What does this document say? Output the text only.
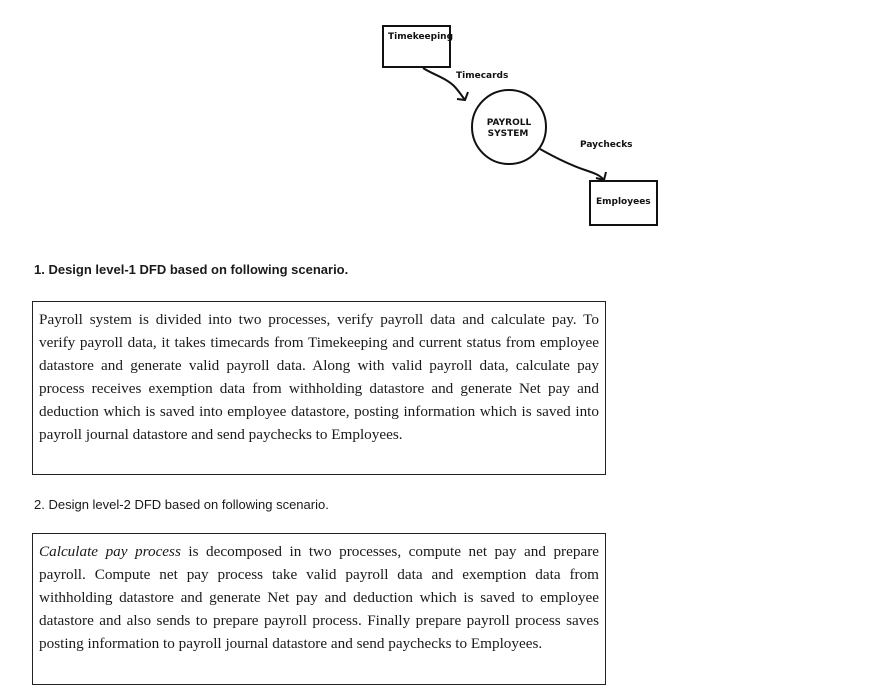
Timekeeping
Timecards
PAYROLL
SYSTEM
Paychecks
Employees
1. Design level-1 DFD based on following scenario.

Payroll system is divided into two processes, verify payroll data and calculate pay. To verify payroll data, it takes timecards from Timekeeping and current status from employee datastore and generate valid payroll data. Along with valid payroll data, calculate pay process receives exemption data from withholding datastore and generate Net pay and deduction which is saved into employee datastore, posting information which is saved into payroll journal datastore and send paychecks to Employees.

2. Design level-2 DFD based on following scenario.

Calculate pay process is decomposed in two processes, compute net pay and prepare payroll. Compute net pay process take valid payroll data and exemption data from withholding datastore and generate Net pay and deduction which is saved to employee datastore and also sends to prepare payroll process. Finally prepare payroll process saves posting information to payroll journal datastore and send paychecks to Employees.
